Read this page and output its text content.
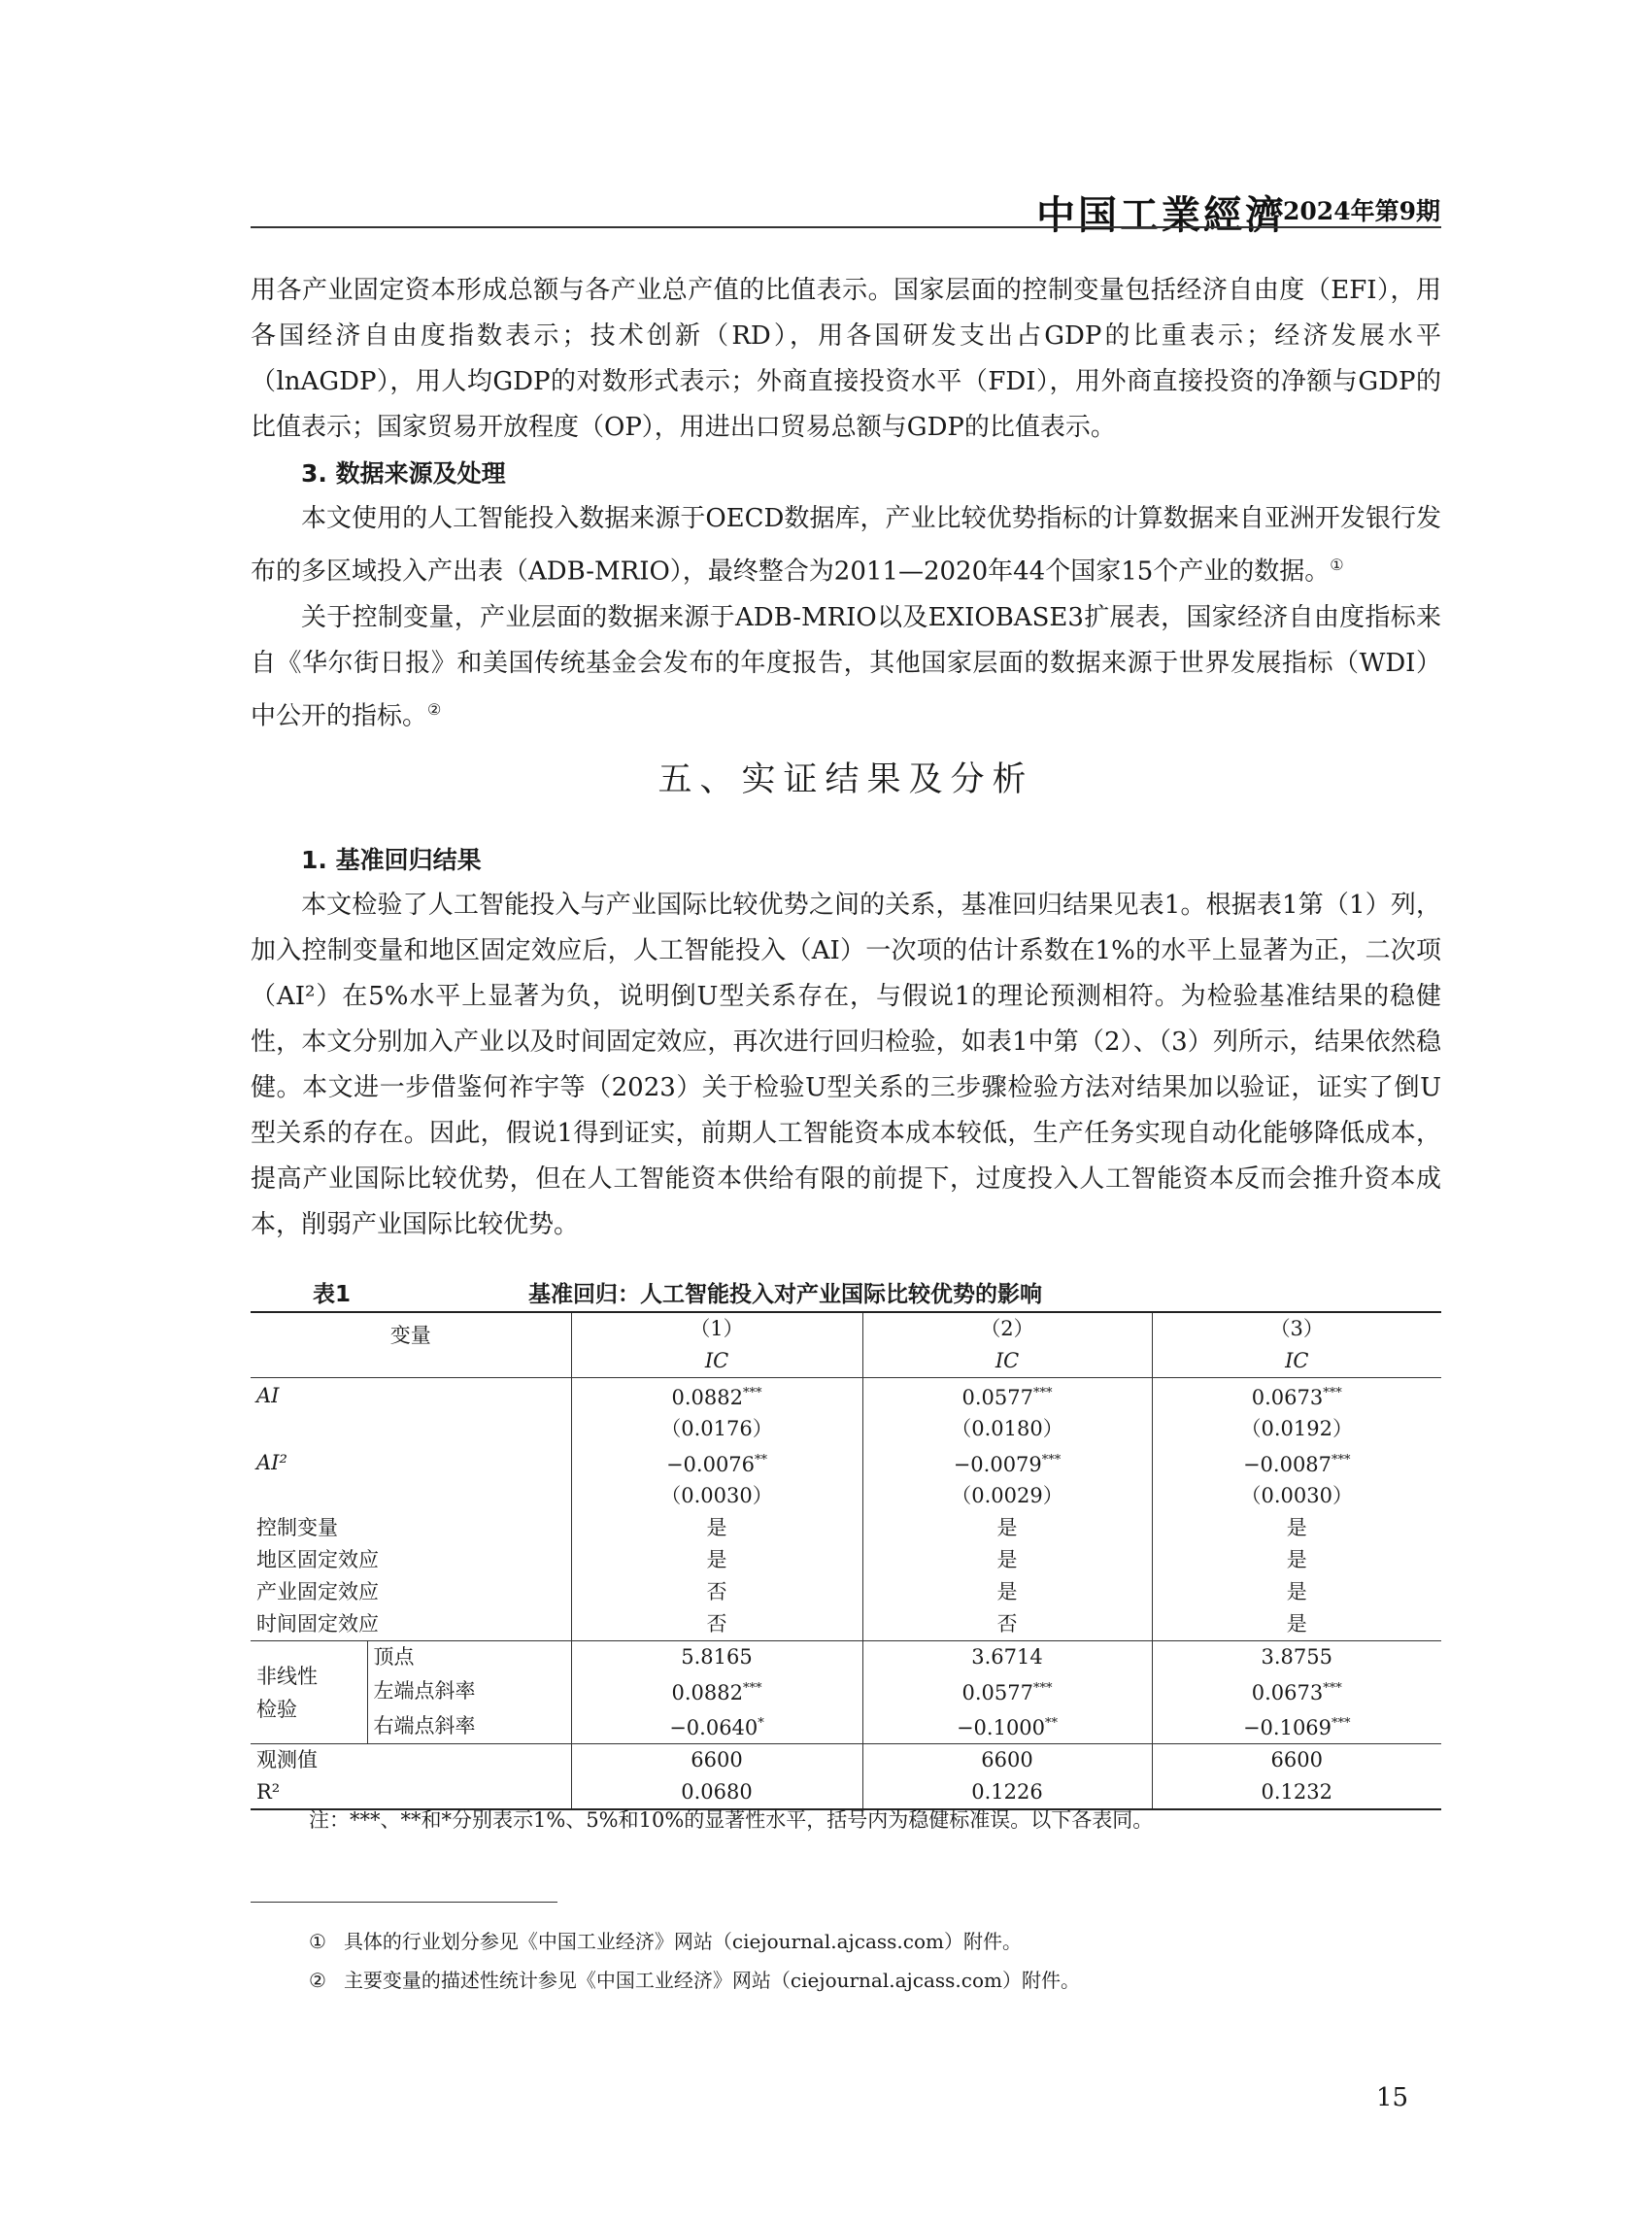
中国工業經濟
2024年第9期

用各产业固定资本形成总额与各产业总产值的比值表示。国家层面的控制变量包括经济自由度（EFI），用各国经济自由度指数表示；技术创新（RD），用各国研发支出占GDP的比重表示；经济发展水平（lnAGDP），用人均GDP的对数形式表示；外商直接投资水平（FDI），用外商直接投资的净额与GDP的比值表示；国家贸易开放程度（OP），用进出口贸易总额与GDP的比值表示。

3. 数据来源及处理

本文使用的人工智能投入数据来源于OECD数据库，产业比较优势指标的计算数据来自亚洲开发银行发布的多区域投入产出表（ADB-MRIO），最终整合为2011—2020年44个国家15个产业的数据。①

关于控制变量，产业层面的数据来源于ADB-MRIO以及EXIOBASE3扩展表，国家经济自由度指标来自《华尔街日报》和美国传统基金会发布的年度报告，其他国家层面的数据来源于世界发展指标（WDI）中公开的指标。②

五、实证结果及分析

1. 基准回归结果

本文检验了人工智能投入与产业国际比较优势之间的关系，基准回归结果见表1。根据表1第（1）列，加入控制变量和地区固定效应后，人工智能投入（AI）一次项的估计系数在1%的水平上显著为正，二次项（AI²）在5%水平上显著为负，说明倒U型关系存在，与假说1的理论预测相符。为检验基准结果的稳健性，本文分别加入产业以及时间固定效应，再次进行回归检验，如表1中第（2）、（3）列所示，结果依然稳健。本文进一步借鉴何祚宇等（2023）关于检验U型关系的三步骤检验方法对结果加以验证，证实了倒U型关系的存在。因此，假说1得到证实，前期人工智能资本成本较低，生产任务实现自动化能够降低成本，提高产业国际比较优势，但在人工智能资本供给有限的前提下，过度投入人工智能资本反而会推升资本成本，削弱产业国际比较优势。

表1	基准回归：人工智能投入对产业国际比较优势的影响
变量		（1）	（2）	（3）
		IC	IC	IC
AI		0.0882***	0.0577***	0.0673***
		（0.0176）	（0.0180）	（0.0192）
AI²		−0.0076**	−0.0079***	−0.0087***
		（0.0030）	（0.0029）	（0.0030）
控制变量		是	是	是
地区固定效应		是	是	是
产业固定效应		否	是	是
时间固定效应		否	否	是

非线性
检验	顶点	5.8165	3.6714	3.8755
	左端点斜率	0.0882***	0.0577***	0.0673***
	右端点斜率	−0.0640*	−0.1000**	−0.1069***
观测值		6600	6600	6600
R²		0.0680	0.1226	0.1232
注：***、**和*分别表示1%、5%和10%的显著性水平，括号内为稳健标准误。以下各表同。
① 具体的行业划分参见《中国工业经济》网站（ciejournal.ajcass.com）附件。
② 主要变量的描述性统计参见《中国工业经济》网站（ciejournal.ajcass.com）附件。
15
